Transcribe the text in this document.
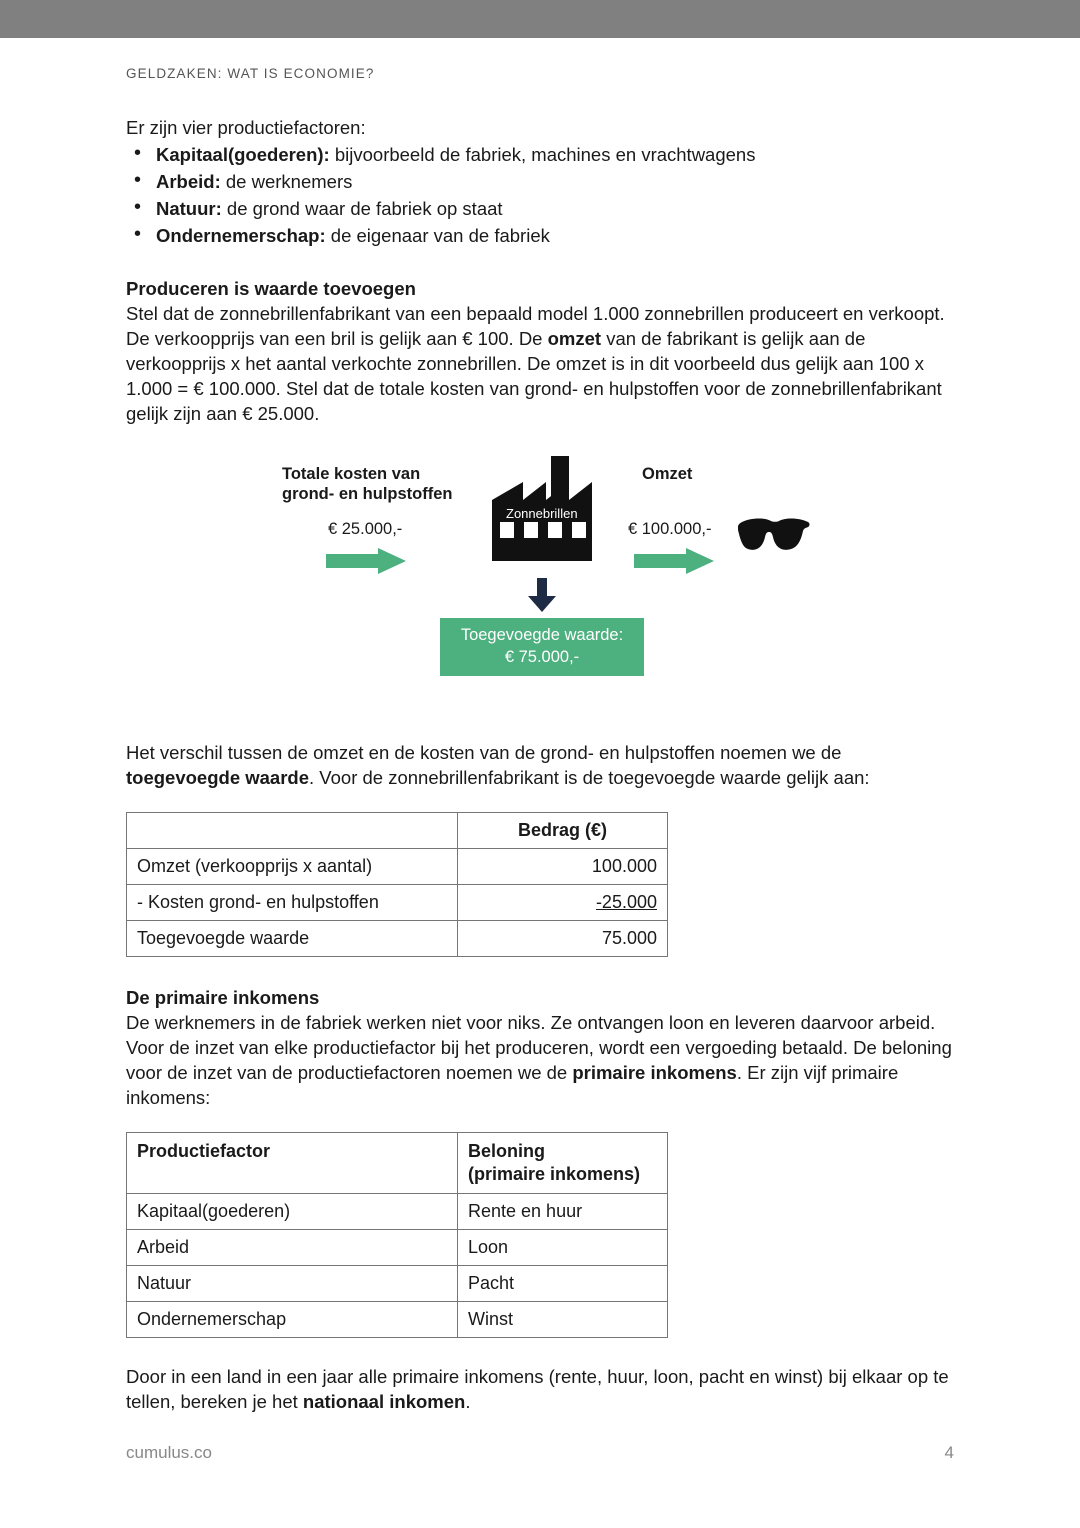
GELDZAKEN: WAT IS ECONOMIE?

Er zijn vier productiefactoren:

• Kapitaal(goederen): bijvoorbeeld de fabriek, machines en vrachtwagens
• Arbeid: de werknemers
• Natuur: de grond waar de fabriek op staat
• Ondernemerschap: de eigenaar van de fabriek
Produceren is waarde toevoegen

Stel dat de zonnebrillenfabrikant van een bepaald model 1.000 zonnebrillen produceert en verkoopt. De verkoopprijs van een bril is gelijk aan € 100. De omzet van de fabrikant is gelijk aan de verkoopprijs x het aantal verkochte zonnebrillen. De omzet is in dit voorbeeld dus gelijk aan 100 x 1.000 = € 100.000. Stel dat de totale kosten van grond- en hulpstoffen voor de zonnebrillenfabrikant gelijk zijn aan € 25.000.

Totale kosten van
grond- en hulpstoffen
€ 25.000,-
Zonnebrillen
Omzet
€ 100.000,-
Toegevoegde waarde:
€ 75.000,-

Het verschil tussen de omzet en de kosten van de grond- en hulpstoffen noemen we de toegevoegde waarde. Voor de zonnebrillenfabrikant is de toegevoegde waarde gelijk aan:

	Bedrag (€)
Omzet (verkoopprijs x aantal)	100.000
- Kosten grond- en hulpstoffen	-25.000
Toegevoegde waarde	75.000
De primaire inkomens

De werknemers in de fabriek werken niet voor niks. Ze ontvangen loon en leveren daarvoor arbeid. Voor de inzet van elke productiefactor bij het produceren, wordt een vergoeding betaald. De beloning voor de inzet van de productiefactoren noemen we de primaire inkomens. Er zijn vijf primaire inkomens:

Productiefactor	Beloning
(primaire inkomens)
Kapitaal(goederen)	Rente en huur
Arbeid	Loon
Natuur	Pacht
Ondernemerschap	Winst

Door in een land in een jaar alle primaire inkomens (rente, huur, loon, pacht en winst) bij elkaar op te tellen, bereken je het nationaal inkomen.

cumulus.co	4
